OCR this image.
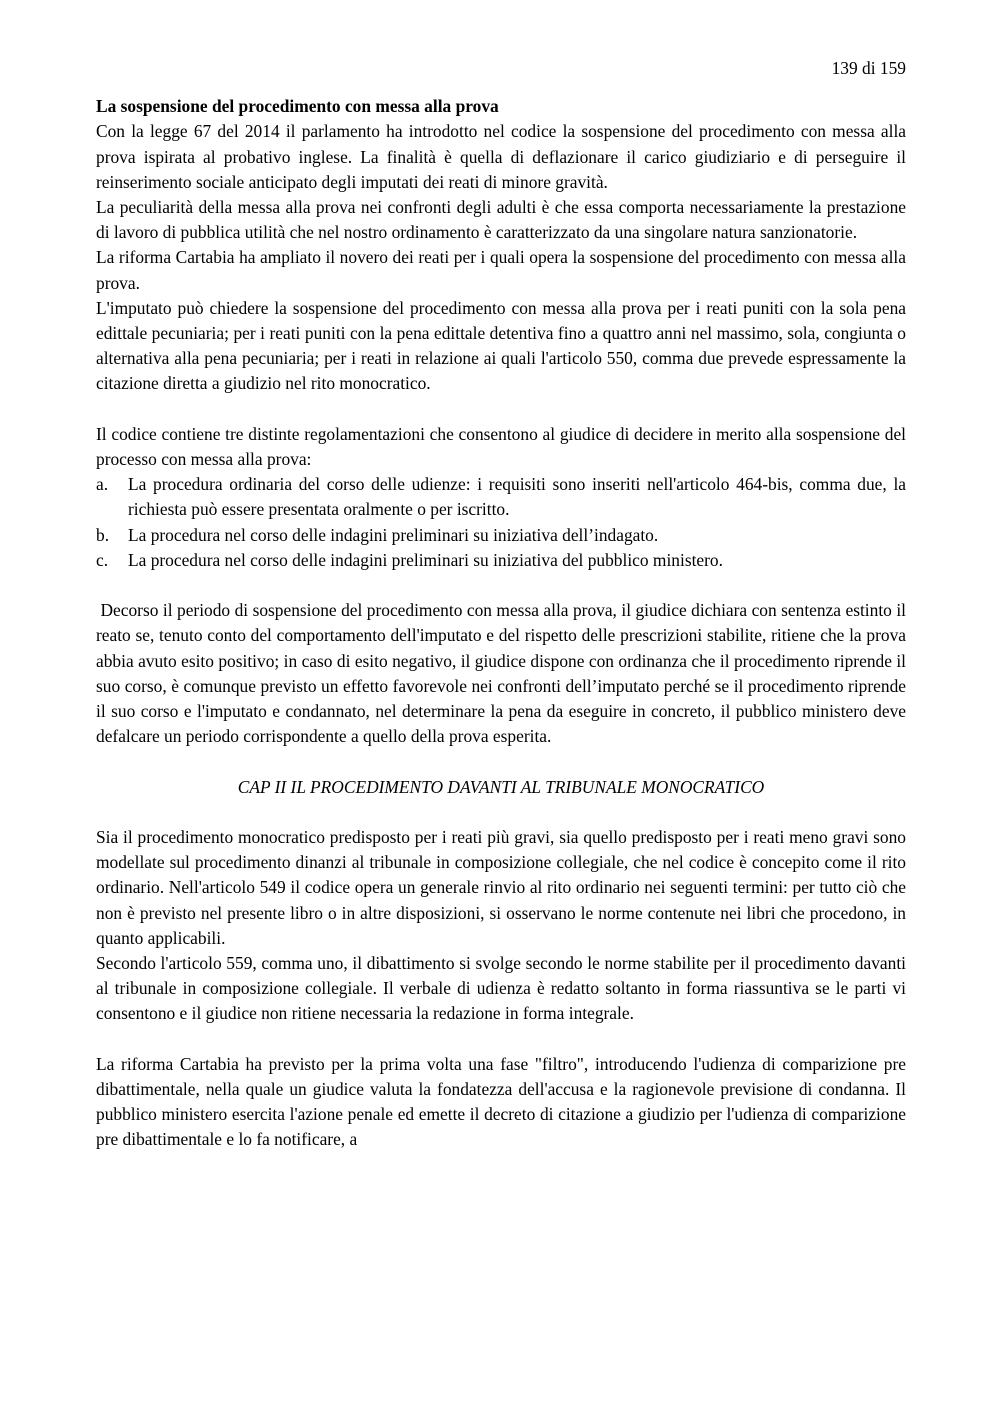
139 di 159
La sospensione del procedimento con messa alla prova

Con la legge 67 del 2014 il parlamento ha introdotto nel codice la sospensione del procedimento con messa alla prova ispirata al probativo inglese. La finalità è quella di deflazionare il carico giudiziario e di perseguire il reinserimento sociale anticipato degli imputati dei reati di minore gravità.

La peculiarità della messa alla prova nei confronti degli adulti è che essa comporta necessariamente la prestazione di lavoro di pubblica utilità che nel nostro ordinamento è caratterizzato da una singolare natura sanzionatorie.

La riforma Cartabia ha ampliato il novero dei reati per i quali opera la sospensione del procedimento con messa alla prova.

L'imputato può chiedere la sospensione del procedimento con messa alla prova per i reati puniti con la sola pena edittale pecuniaria; per i reati puniti con la pena edittale detentiva fino a quattro anni nel massimo, sola, congiunta o alternativa alla pena pecuniaria; per i reati in relazione ai quali l'articolo 550, comma due prevede espressamente la citazione diretta a giudizio nel rito monocratico.

Il codice contiene tre distinte regolamentazioni che consentono al giudice di decidere in merito alla sospensione del processo con messa alla prova:

a. La procedura ordinaria del corso delle udienze: i requisiti sono inseriti nell'articolo 464-bis, comma due, la richiesta può essere presentata oralmente o per iscritto.
b. La procedura nel corso delle indagini preliminari su iniziativa dell’indagato.
c. La procedura nel corso delle indagini preliminari su iniziativa del pubblico ministero.

Decorso il periodo di sospensione del procedimento con messa alla prova, il giudice dichiara con sentenza estinto il reato se, tenuto conto del comportamento dell'imputato e del rispetto delle prescrizioni stabilite, ritiene che la prova abbia avuto esito positivo; in caso di esito negativo, il giudice dispone con ordinanza che il procedimento riprende il suo corso, è comunque previsto un effetto favorevole nei confronti dell’imputato perché se il procedimento riprende il suo corso e l'imputato e condannato, nel determinare la pena da eseguire in concreto, il pubblico ministero deve defalcare un periodo corrispondente a quello della prova esperita.

CAP II IL PROCEDIMENTO DAVANTI AL TRIBUNALE MONOCRATICO

Sia il procedimento monocratico predisposto per i reati più gravi, sia quello predisposto per i reati meno gravi sono modellate sul procedimento dinanzi al tribunale in composizione collegiale, che nel codice è concepito come il rito ordinario. Nell'articolo 549 il codice opera un generale rinvio al rito ordinario nei seguenti termini: per tutto ciò che non è previsto nel presente libro o in altre disposizioni, si osservano le norme contenute nei libri che procedono, in quanto applicabili.

Secondo l'articolo 559, comma uno, il dibattimento si svolge secondo le norme stabilite per il procedimento davanti al tribunale in composizione collegiale. Il verbale di udienza è redatto soltanto in forma riassuntiva se le parti vi consentono e il giudice non ritiene necessaria la redazione in forma integrale.

La riforma Cartabia ha previsto per la prima volta una fase "filtro", introducendo l'udienza di comparizione pre dibattimentale, nella quale un giudice valuta la fondatezza dell'accusa e la ragionevole previsione di condanna. Il pubblico ministero esercita l'azione penale ed emette il decreto di citazione a giudizio per l'udienza di comparizione pre dibattimentale e lo fa notificare, a
